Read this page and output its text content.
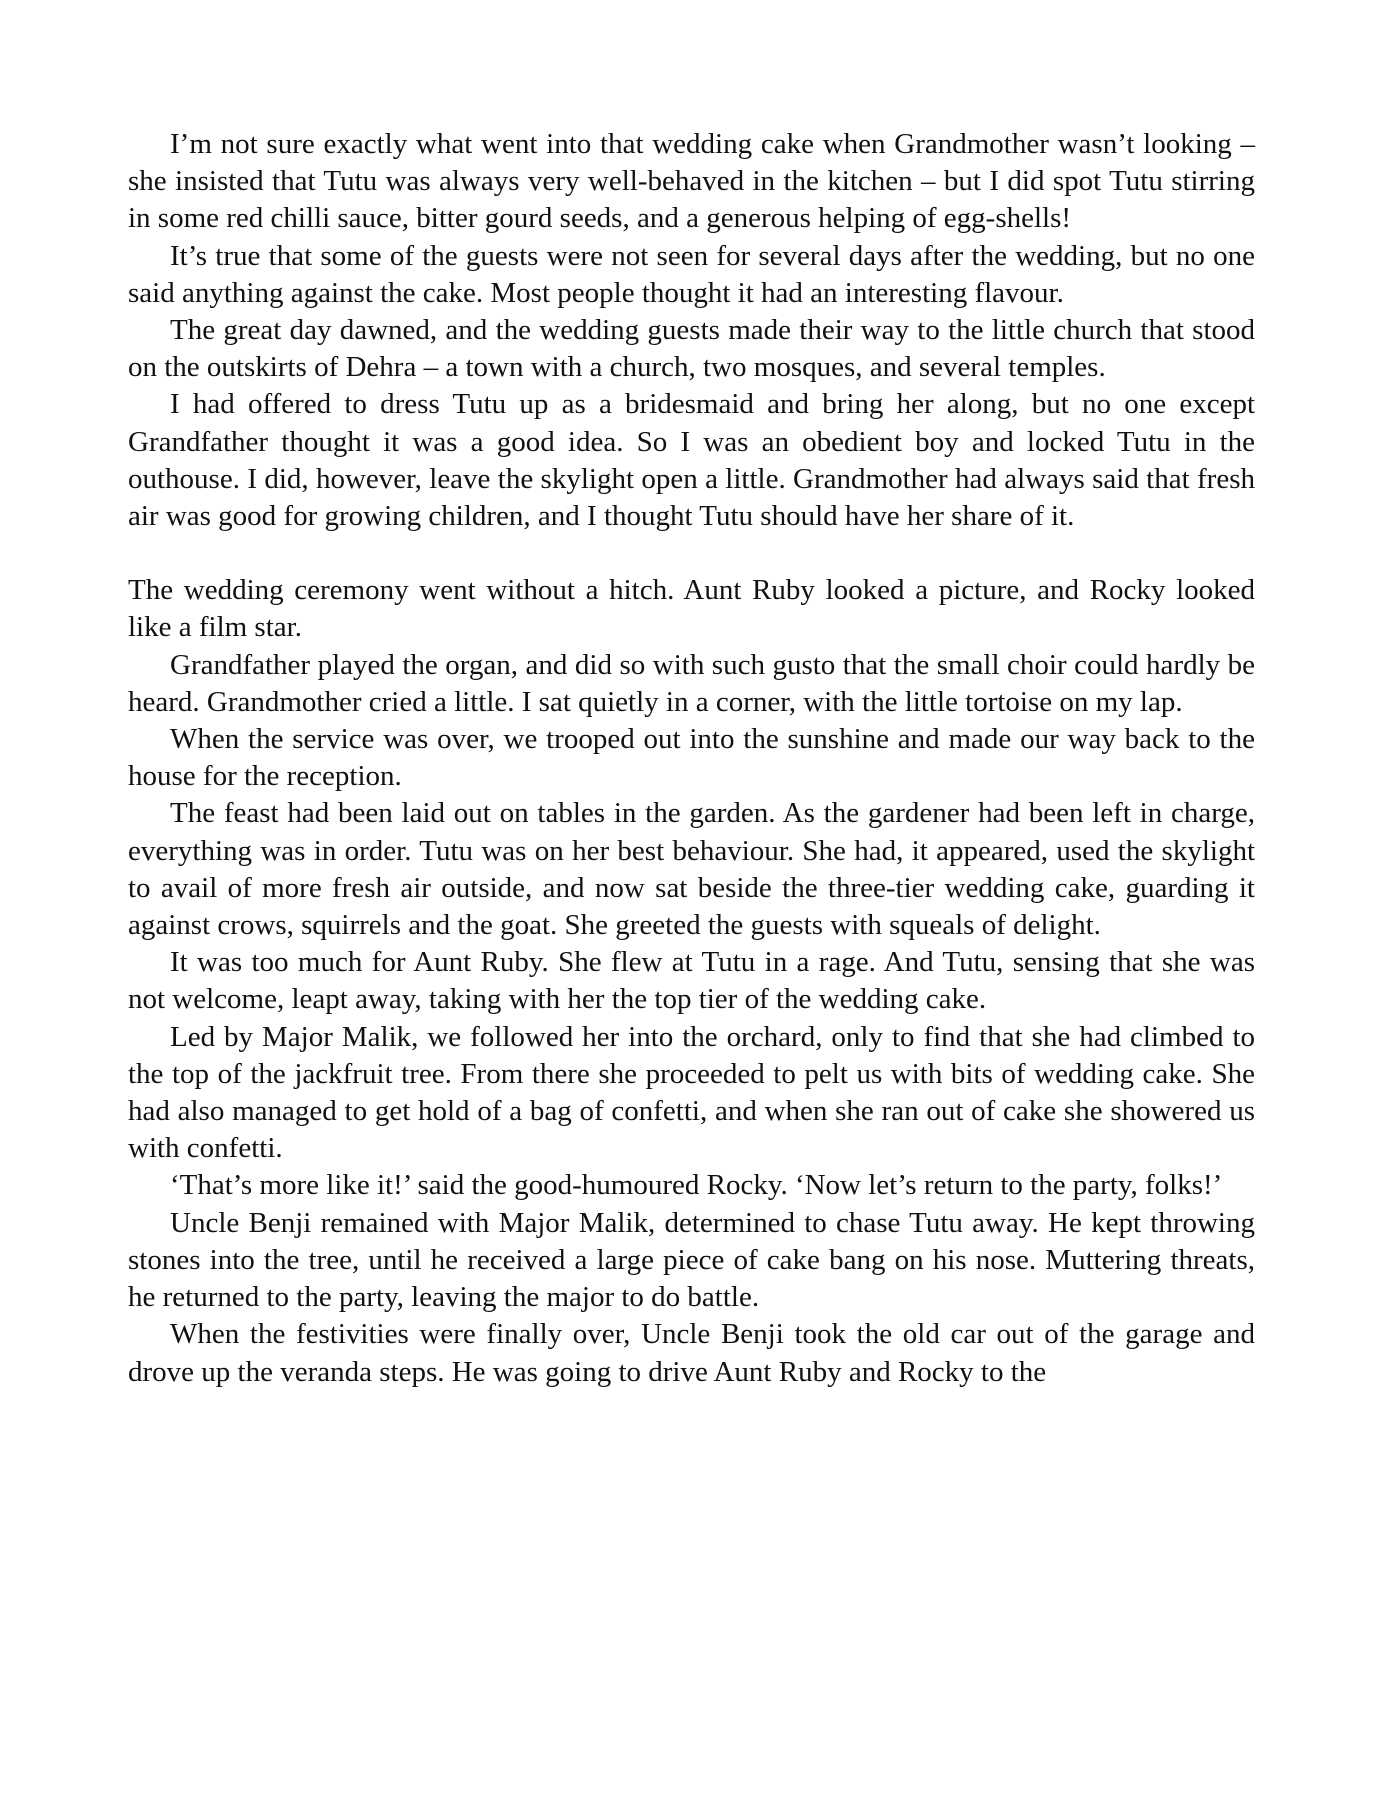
I’m not sure exactly what went into that wedding cake when Grandmother wasn’t looking – she insisted that Tutu was always very well-behaved in the kitchen – but I did spot Tutu stirring in some red chilli sauce, bitter gourd seeds, and a generous helping of egg-shells!

It’s true that some of the guests were not seen for several days after the wedding, but no one said anything against the cake. Most people thought it had an interesting flavour.

The great day dawned, and the wedding guests made their way to the little church that stood on the outskirts of Dehra – a town with a church, two mosques, and several temples.

I had offered to dress Tutu up as a bridesmaid and bring her along, but no one except Grandfather thought it was a good idea. So I was an obedient boy and locked Tutu in the outhouse. I did, however, leave the skylight open a little. Grandmother had always said that fresh air was good for growing children, and I thought Tutu should have her share of it.

The wedding ceremony went without a hitch. Aunt Ruby looked a picture, and Rocky looked like a film star.

Grandfather played the organ, and did so with such gusto that the small choir could hardly be heard. Grandmother cried a little. I sat quietly in a corner, with the little tortoise on my lap.

When the service was over, we trooped out into the sunshine and made our way back to the house for the reception.

The feast had been laid out on tables in the garden. As the gardener had been left in charge, everything was in order. Tutu was on her best behaviour. She had, it appeared, used the skylight to avail of more fresh air outside, and now sat beside the three-tier wedding cake, guarding it against crows, squirrels and the goat. She greeted the guests with squeals of delight.

It was too much for Aunt Ruby. She flew at Tutu in a rage. And Tutu, sensing that she was not welcome, leapt away, taking with her the top tier of the wedding cake.

Led by Major Malik, we followed her into the orchard, only to find that she had climbed to the top of the jackfruit tree. From there she proceeded to pelt us with bits of wedding cake. She had also managed to get hold of a bag of confetti, and when she ran out of cake she showered us with confetti.

‘That’s more like it!’ said the good-humoured Rocky. ‘Now let’s return to the party, folks!’

Uncle Benji remained with Major Malik, determined to chase Tutu away. He kept throwing stones into the tree, until he received a large piece of cake bang on his nose. Muttering threats, he returned to the party, leaving the major to do battle.

When the festivities were finally over, Uncle Benji took the old car out of the garage and drove up the veranda steps. He was going to drive Aunt Ruby and Rocky to the
